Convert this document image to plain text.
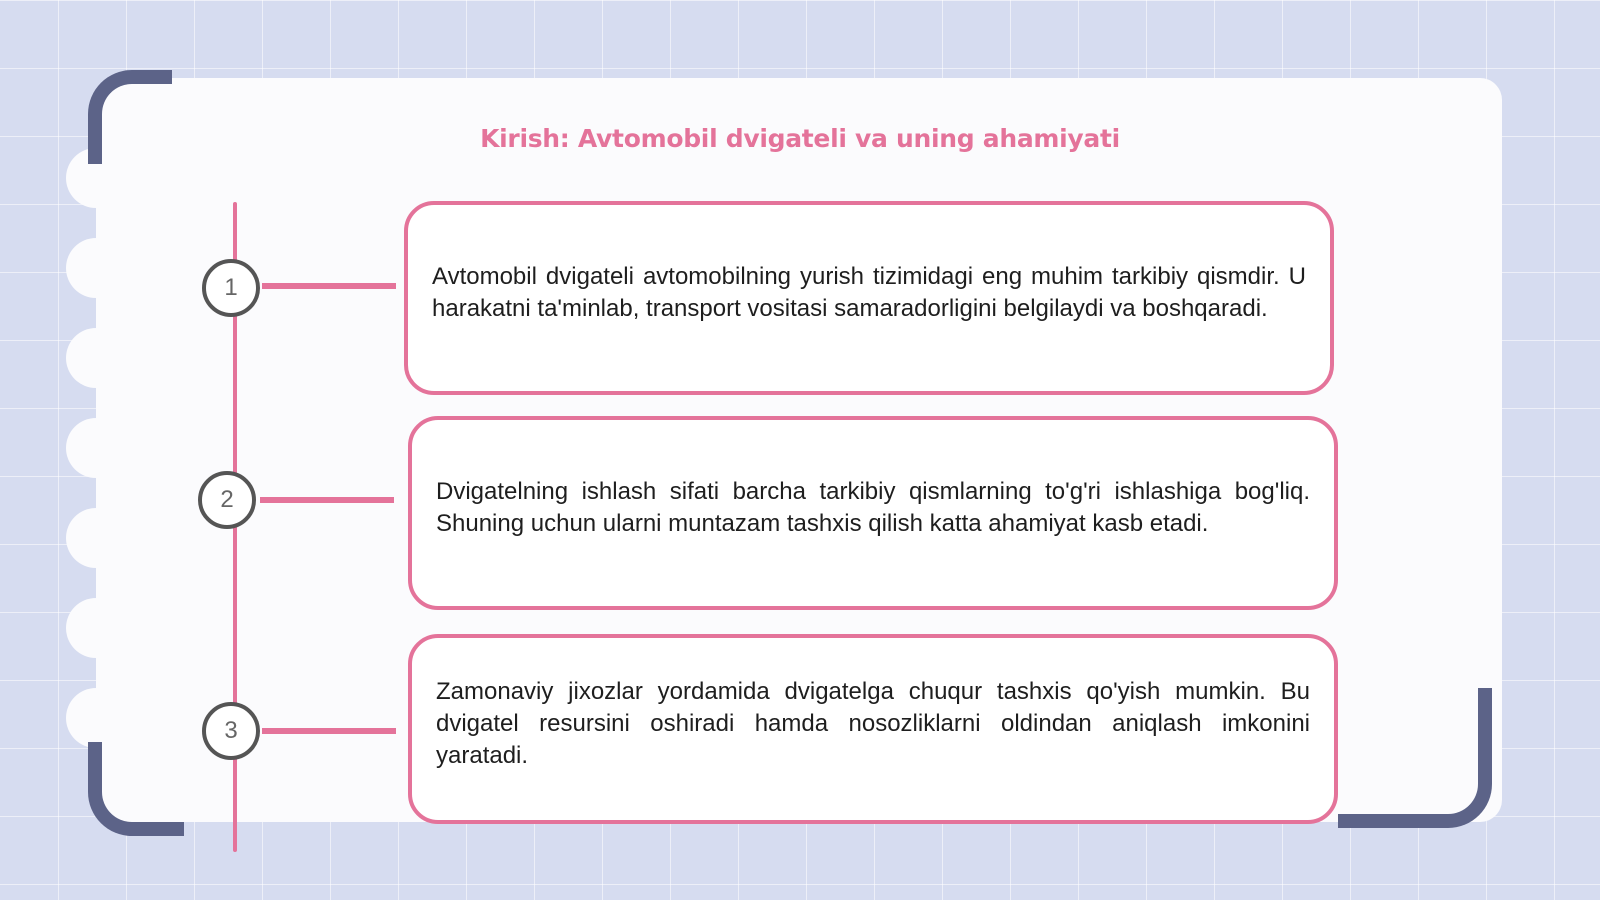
Kirish: Avtomobil dvigateli va uning ahamiyati
1	Avtomobil dvigateli avtomobilning yurish tizimidagi eng muhim tarkibiy qismdir. U harakatni ta'minlab, transport vositasi samaradorligini belgilaydi va boshqaradi.

2	Dvigatelning ishlash sifati barcha tarkibiy qismlarning to'g'ri ishlashiga bog'liq. Shuning uchun ularni muntazam tashxis qilish katta ahamiyat kasb etadi.

3

Zamonaviy jixozlar yordamida dvigatelga chuqur tashxis qo'yish mumkin. Bu dvigatel resursini oshiradi hamda nosozliklarni oldindan aniqlash imkonini yaratadi.
